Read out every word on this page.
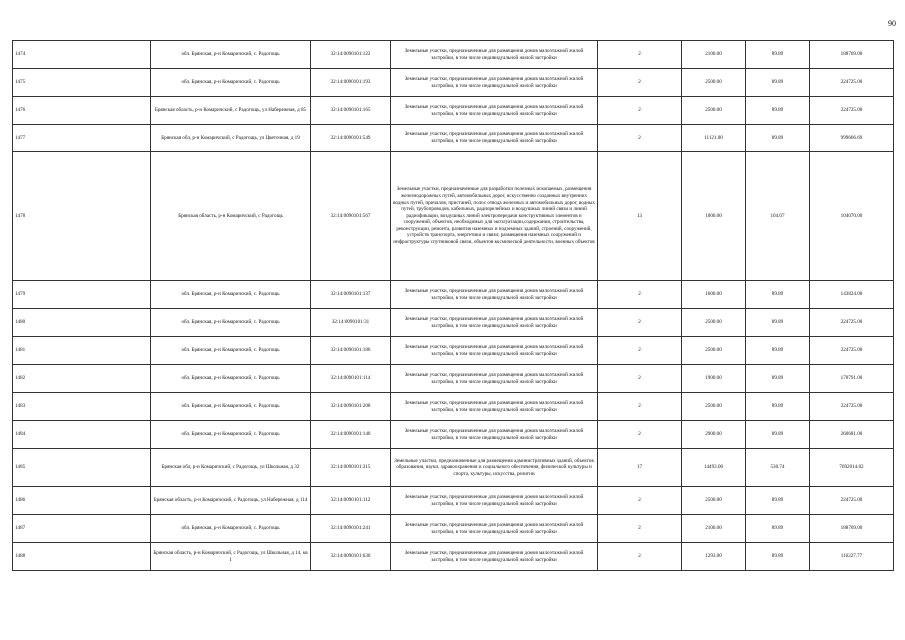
90
1474	обл. Брянская, р-н Комаричский, с. Радогощь	32:14:0090101:122	Земельные участки, предназначенные для размещения домов малоэтажной жилой застройки, в том числе индивидуальной жилой застройки	2	2100.00	89.89	188769.00
1475	обл. Брянская, р-н Комаричский, с. Радогощь	32:14:0090101:193	Земельные участки, предназначенные для размещения домов малоэтажной жилой застройки, в том числе индивидуальной жилой застройки	2	2500.00	89.89	224725.00
1476	Брянская область, р-н Комаричский, с Радогощь, ул Набережная, д 85	32:14:0090101:165	Земельные участки, предназначенные для размещения домов малоэтажной жилой застройки, в том числе индивидуальной жилой застройки	2	2500.00	89.89	224725.00
1477	Брянская обл, р-н Комаричский, с Радогощь, ул Цветочная, д 19	32:14:0090101:549	Земельные участки, предназначенные для размещения домов малоэтажной жилой застройки, в том числе индивидуальной жилой застройки	2	11121.00	89.89	999666.69
1478	Брянская область, р-н Комаричский, с Радогощь	32:14:0090101:567	Земельные участки, предназначенные для разработки полезных ископаемых, размещения железнодорожных путей, автомобильных дорог, искусственно созданных внутренних водных путей, причалов, пристаней, полос отвода железных и автомобильных дорог, водных путей, трубопроводов, кабельных, радиорелейных и воздушных линий связи и линий радиофикации, воздушных линий электропередачи конструктивных элементов и сооружений, объектов, необходимых для эксплуатации,содержания, строительства, реконструкции, ремонта, развития наземных и подземных зданий, строений, сооружений, устройств транспорта, энергетики и связи; размещения наземных сооружений и инфраструктуры спутниковой связи, объектов космической деятельности, военных объектов	13	1000.00	104.07	104070.00
1479	обл. Брянская, р-н Комаричский, с. Радогощь	32:14:0090101:137	Земельные участки, предназначенные для размещения домов малоэтажной жилой застройки, в том числе индивидуальной жилой застройки	2	1600.00	89.89	143824.00
1480	обл. Брянская, р-н Комаричский, с. Радогощь	32:14:0090101:31	Земельные участки, предназначенные для размещения домов малоэтажной жилой застройки, в том числе индивидуальной жилой застройки	2	2500.00	89.89	224725.00
1481	обл. Брянская, р-н Комаричский, с. Радогощь	32:14:0090101:186	Земельные участки, предназначенные для размещения домов малоэтажной жилой застройки, в том числе индивидуальной жилой застройки	2	2500.00	89.89	224725.00
1482	обл. Брянская, р-н Комаричский, с. Радогощь	32:14:0090101:114	Земельные участки, предназначенные для размещения домов малоэтажной жилой застройки, в том числе индивидуальной жилой застройки	2	1900.00	89.89	170791.00
1483	обл. Брянская, р-н Комаричский, с. Радогощь	32:14:0090101:208	Земельные участки, предназначенные для размещения домов малоэтажной жилой застройки, в том числе индивидуальной жилой застройки	2	2500.00	89.89	224725.00
1484	обл. Брянская, р-н Комаричский, с. Радогощь	32:14:0090101:140	Земельные участки, предназначенные для размещения домов малоэтажной жилой застройки, в том числе индивидуальной жилой застройки	2	2900.00	89.89	260681.00
1485	Брянская обл, р-н Комаричский, с Радогощь, ул Школьная, д 32	32:14:0090101:315	Земельные участки, предназначенные для размещения административных зданий, объектов образования, науки, здравоохранения и социального обеспечения, физической культуры и спорта, культуры, искусства, религии	17	14493.00	530.74	7692014.82
1486	Брянская область, р-н Комаричский, с Радогощь, ул Набережная, д 114	32:14:0090101:112	Земельные участки, предназначенные для размещения домов малоэтажной жилой застройки, в том числе индивидуальной жилой застройки	2	2500.00	89.89	224725.00
1487	обл. Брянская, р-н Комаричский, с. Радогощь	32:14:0090101:241	Земельные участки, предназначенные для размещения домов малоэтажной жилой застройки, в том числе индивидуальной жилой застройки	2	2100.00	89.89	188769.00
1488	Брянская область, р-н Комаричский, с Радогощь, ул Школьная, д 14, кв 1	32:14:0090101:630	Земельные участки, предназначенные для размещения домов малоэтажной жилой застройки, в том числе индивидуальной жилой застройки	2	1293.00	89.89	116227.77
